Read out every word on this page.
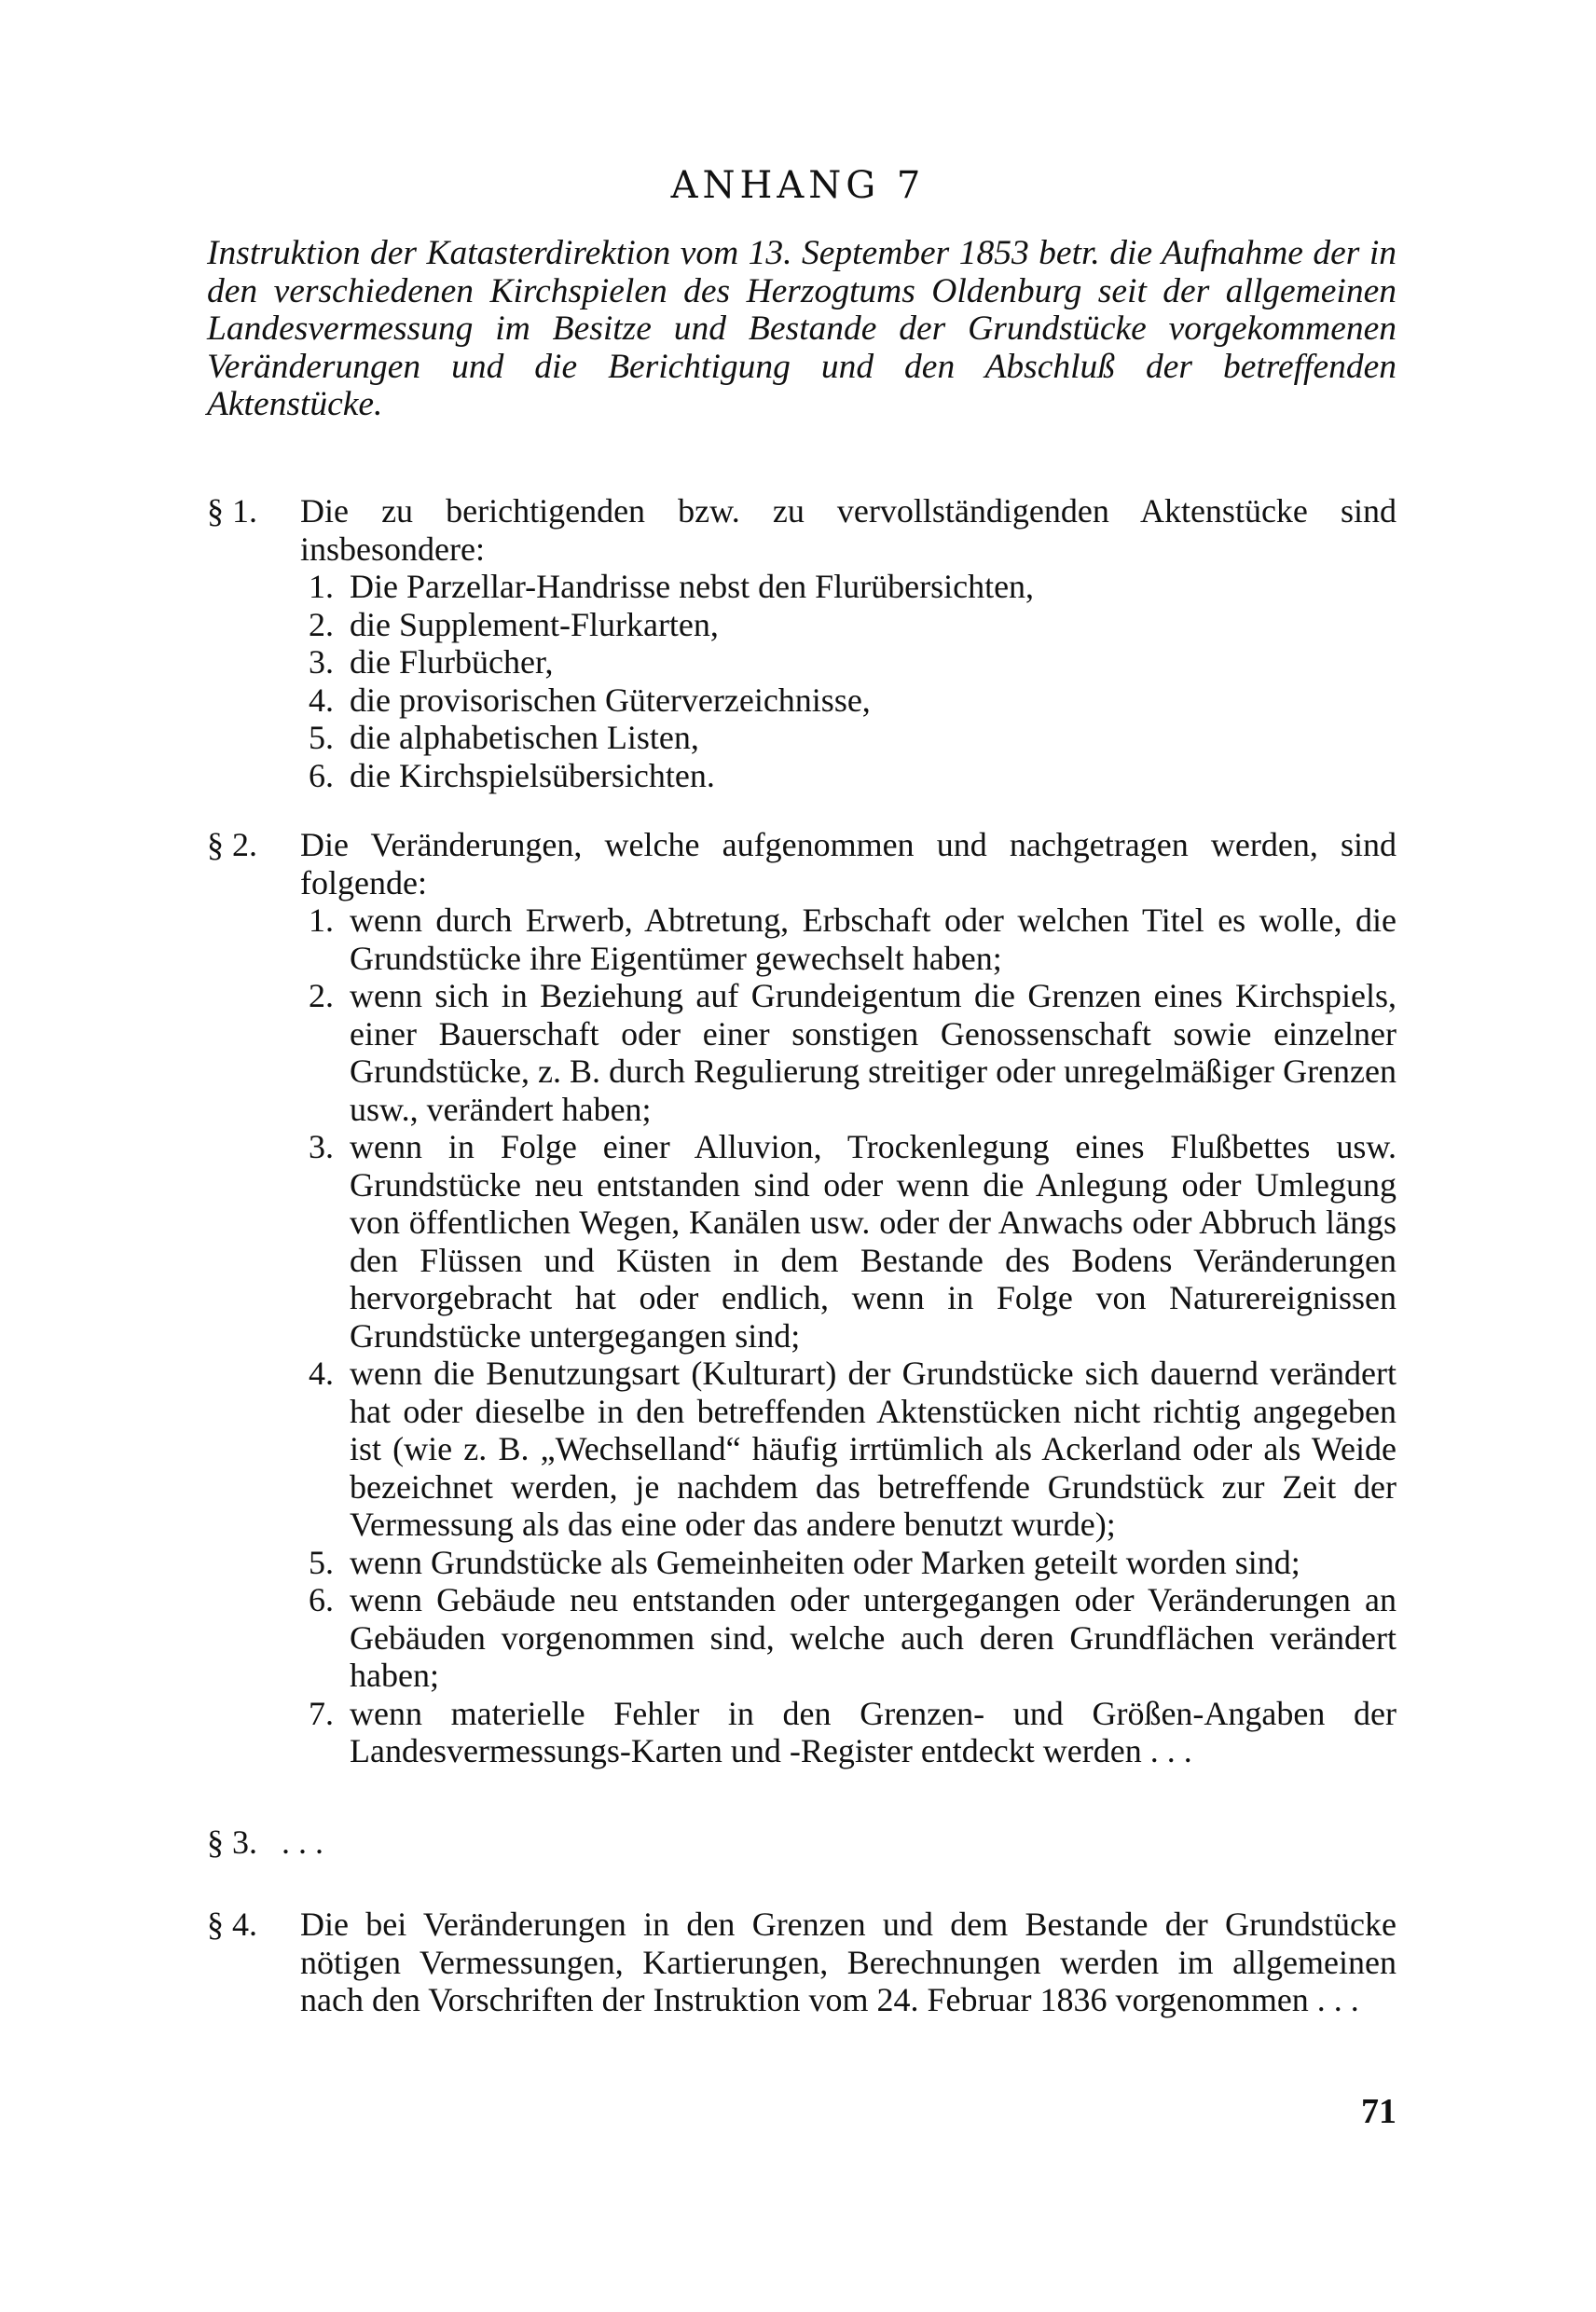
ANHANG 7

Instruktion der Katasterdirektion vom 13. September 1853 betr. die Aufnahme der in den verschiedenen Kirchspielen des Herzogtums Oldenburg seit der allgemeinen Landesvermessung im Besitze und Bestande der Grundstücke vorgekommenen Veränderungen und die Berichtigung und den Abschluß der betreffenden Aktenstücke.

§ 1.	Die zu berichtigenden bzw. zu vervollständigenden Aktenstücke sind insbesondere:
1. Die Parzellar-Handrisse nebst den Flurübersichten,
2. die Supplement-Flurkarten,
3. die Flurbücher,
4. die provisorischen Güterverzeichnisse,
5. die alphabetischen Listen,
6. die Kirchspielsübersichten.
§ 2.	Die Veränderungen, welche aufgenommen und nachgetragen werden, sind folgende:
1. wenn durch Erwerb, Abtretung, Erbschaft oder welchen Titel es wolle, die Grundstücke ihre Eigentümer gewechselt haben;
2. wenn sich in Beziehung auf Grundeigentum die Grenzen eines Kirchspiels, einer Bauerschaft oder einer sonstigen Genossenschaft sowie einzelner Grundstücke, z. B. durch Regulierung streitiger oder unregelmäßiger Grenzen usw., verändert haben;
3. wenn in Folge einer Alluvion, Trockenlegung eines Flußbettes usw. Grundstücke neu entstanden sind oder wenn die Anlegung oder Umlegung von öffentlichen Wegen, Kanälen usw. oder der Anwachs oder Abbruch längs den Flüssen und Küsten in dem Bestande des Bodens Veränderungen hervorgebracht hat oder endlich, wenn in Folge von Naturereignissen Grundstücke untergegangen sind;
4. wenn die Benutzungsart (Kulturart) der Grundstücke sich dauernd verändert hat oder dieselbe in den betreffenden Aktenstücken nicht richtig angegeben ist (wie z. B. „Wechselland“ häufig irrtümlich als Ackerland oder als Weide bezeichnet werden, je nachdem das betreffende Grundstück zur Zeit der Vermessung als das eine oder das andere benutzt wurde);
5. wenn Grundstücke als Gemeinheiten oder Marken geteilt worden sind;
6. wenn Gebäude neu entstanden oder untergegangen oder Veränderungen an Gebäuden vorgenommen sind, welche auch deren Grundflächen verändert haben;
7. wenn materielle Fehler in den Grenzen- und Größen-Angaben der Landesvermessungs-Karten und -Register entdeckt werden . . .
§ 3. . . .
§ 4.	Die bei Veränderungen in den Grenzen und dem Bestande der Grundstücke nötigen Vermessungen, Kartierungen, Berechnungen werden im allgemeinen nach den Vorschriften der Instruktion vom 24. Februar 1836 vorgenommen . . .
71
